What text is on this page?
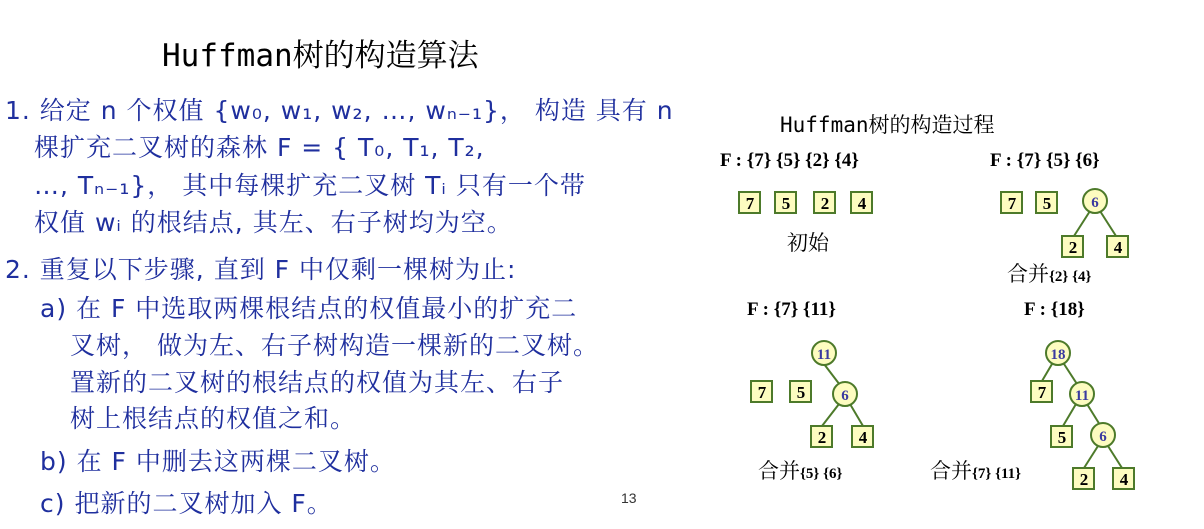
Huffman树的构造算法
1. 给定 n 个权值 {w₀, w₁, w₂, …, wₙ₋₁}， 构造 具有 n
棵扩充二叉树的森林 F = { T₀, T₁, T₂,
…, Tₙ₋₁}， 其中每棵扩充二叉树 Tᵢ 只有一个带
权值 wᵢ 的根结点, 其左、右子树均为空。
2. 重复以下步骤, 直到 F 中仅剩一棵树为止:
a) 在 F 中选取两棵根结点的权值最小的扩充二
叉树， 做为左、右子树构造一棵新的二叉树。
置新的二叉树的根结点的权值为其左、右子
树上根结点的权值之和。
b) 在 F 中删去这两棵二叉树。
c) 把新的二叉树加入 F。	13
Huffman树的构造过程
F : {7} {5} {2} {4}	F : {7} {5} {6}
F : {7} {11}	F : {18}
初始
合并{2} {4}
合并{5} {6}	合并{7} {11}
7 5 2 4	7 5
2 4
7 5
2 4
7
5
2 4
6
11
6
18
11
6
